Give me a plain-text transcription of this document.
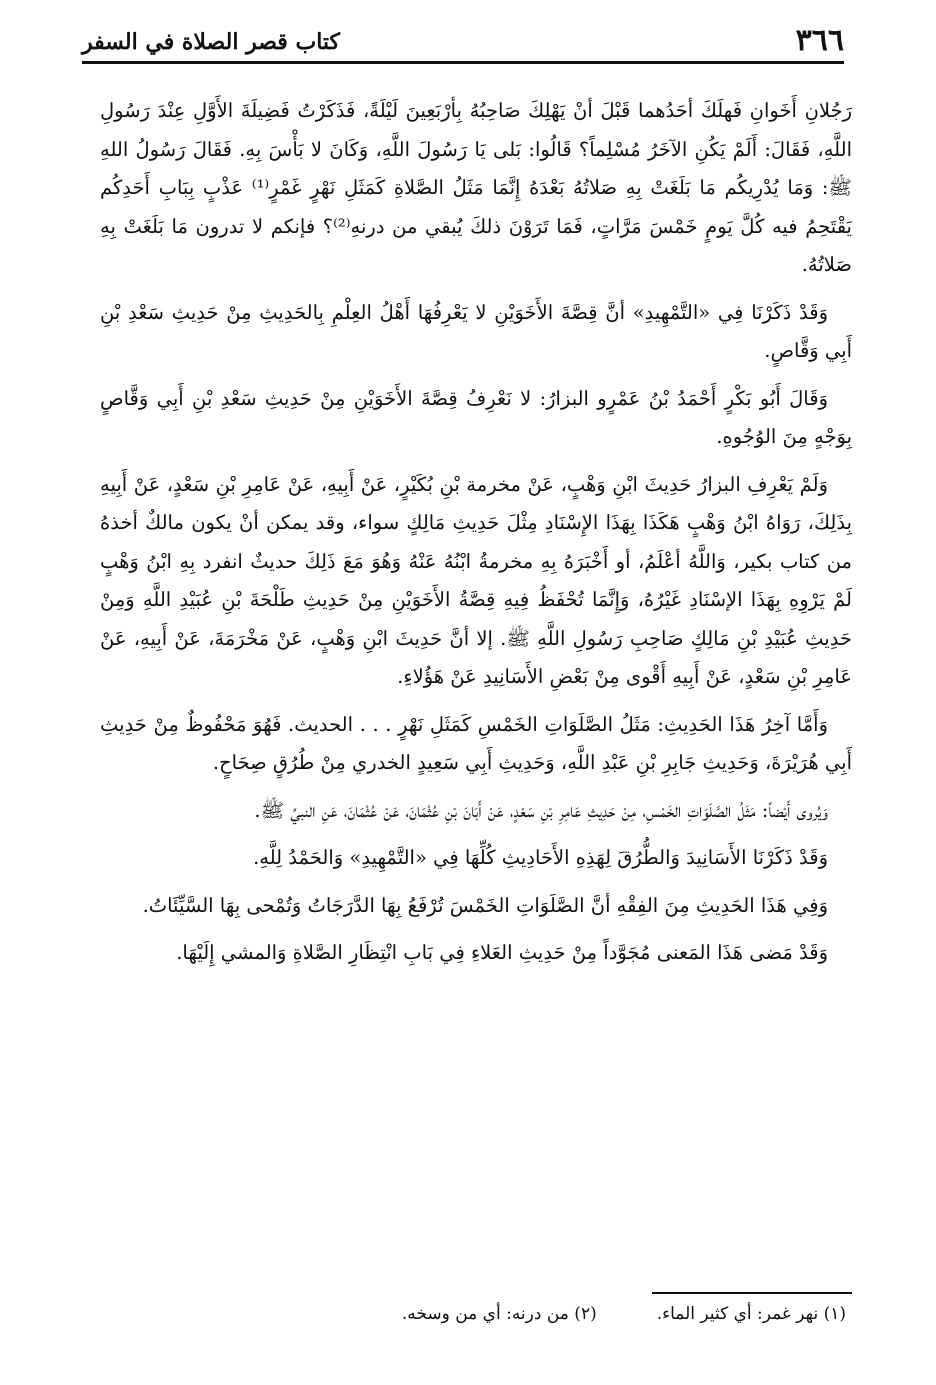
٣٦٦
كتاب قصر الصلاة في السفر

رَجُلانِ أَخَوانِ فَهلَكَ أحَدُهما قَبْلَ أنْ يَهْلِكَ صَاحِبُهُ بِأرْبَعِينَ لَيْلَةً، فَذَكَرْتُ فَضِيلَةَ الأَوَّلِ عِنْدَ رَسُولِ اللَّهِ، فَقَالَ: أَلَمْ يَكُنِ الآخَرُ مُسْلِماً؟ قَالُوا: بَلى يَا رَسُولَ اللَّهِ، وَكَانَ لا بَأْسَ بِهِ. فَقَالَ رَسُولُ اللهِ ﷺ: وَمَا يُدْرِيكُم مَا بَلَغَتْ بِهِ صَلاتُهُ بَعْدَهُ إِنَّمَا مَثَلُ الصَّلاةِ كَمَثَلِ نَهْرٍ غَمْرٍ⁽¹⁾ عَذْبٍ بِبَابِ أَحَدِكُم يَقْتَحِمُ فيه كُلَّ يَومٍ خَمْسَ مَرَّاتٍ، فَمَا تَرَوْنَ ذلكَ يُبقي من درنهِ⁽²⁾؟ فإنكم لا تدرون مَا بَلَغَتْ بِهِ صَلاتُهُ.

وَقَدْ ذَكَرْنَا فِي «التَّمْهِيدِ» أنَّ قِصَّةَ الأَخَوَيْنِ لا يَعْرِفُهَا أَهْلُ العِلْمِ بِالحَدِيثِ مِنْ حَدِيثِ سَعْدِ بْنِ أَبِي وَقَّاصٍ.

وَقَالَ أَبُو بَكْرٍ أَحْمَدُ بْنُ عَمْرٍو البزارُ: لا نَعْرِفُ قِصَّةَ الأَخَوَيْنِ مِنْ حَدِيثِ سَعْدِ بْنِ أَبِي وَقَّاصٍ بِوَجْهٍ مِنَ الوُجُوهِ.

وَلَمْ يَعْرِفِ البزارُ حَدِيثَ ابْنِ وَهْبٍ، عَنْ مخرمة بْنِ بُكَيْرٍ، عَنْ أَبِيهِ، عَنْ عَامِرِ بْنِ سَعْدٍ، عَنْ أَبِيهِ بِذَلِكَ، رَوَاهُ ابْنُ وَهْبٍ هَكَذَا بِهَذَا الإِسْنَادِ مِثْلَ حَدِيثِ مَالِكٍ سواء، وقد يمكن أنْ يكون مالكٌ أخذهُ من كتاب بكير، وَاللَّهُ أعْلَمُ، أو أَخْبَرَهُ بِهِ مخرمةُ ابْنُهُ عَنْهُ وَهُوَ مَعَ ذَلِكَ حديثٌ انفرد بِهِ ابْنُ وَهْبٍ لَمْ يَرْوِهِ بِهَذَا الإسْنَادِ غَيْرُهُ، وَإِنَّمَا تُحْفَظُ فِيهِ قِصَّةُ الأَخَوَيْنِ مِنْ حَدِيثِ طَلْحَةَ بْنِ عُبَيْدِ اللَّهِ وَمِنْ حَدِيثِ عُبَيْدِ بْنِ مَالِكٍ صَاحِبِ رَسُولِ اللَّهِ ﷺ. إلا أنَّ حَدِيثَ ابْنِ وَهْبٍ، عَنْ مَخْرَمَةَ، عَنْ أَبِيهِ، عَنْ عَامِرِ بْنِ سَعْدٍ، عَنْ أَبِيهِ أَقْوى مِنْ بَعْضِ الأَسَانِيدِ عَنْ هَؤُلاءِ.

وَأَمَّا آخِرُ هَذَا الحَدِيثِ: مَثَلُ الصَّلَوَاتِ الخَمْسِ كَمَثَلِ نَهْرٍ . . . الحديث. فَهُوَ مَحْفُوظٌ مِنْ حَدِيثِ أَبِي هُرَيْرَةَ، وَحَدِيثِ جَابِرِ بْنِ عَبْدِ اللَّهِ، وَحَدِيثِ أَبِي سَعِيدٍ الخدري مِنْ طُرُقٍ صِحَاحٍ.

وَيُروى أَيْضاً: مَثَلُ الصَّلَوَاتِ الخَمْسِ، مِنْ حَدِيثِ عَامِرِ بْنِ سَعْدٍ، عَنْ أَبَانَ بْنِ عُثْمَانَ، عَنْ عُثْمَانَ، عَنِ النبيِّ ﷺ.

وَقَدْ ذَكَرْنَا الأَسَانِيدَ وَالطُّرُقَ لِهَذِهِ الأَحَادِيثِ كُلِّهَا فِي «التَّمْهِيدِ» وَالحَمْدُ لِلَّهِ.

وَفِي هَذَا الحَدِيثِ مِنَ الفِقْهِ أنَّ الصَّلَوَاتِ الخَمْسَ تُرْفَعُ بِهَا الدَّرَجَاتُ وَتُمْحى بِهَا السَّيِّئَاتُ.

وَقَدْ مَضى هَذَا المَعنى مُجَوَّداً مِنْ حَدِيثِ العَلاءِ فِي بَابِ انْتِظَارِ الصَّلاةِ وَالمشي إِلَيْهَا.

(١) نهر غمر: أي كثير الماء.
(٢) من درنه: أي من وسخه.
